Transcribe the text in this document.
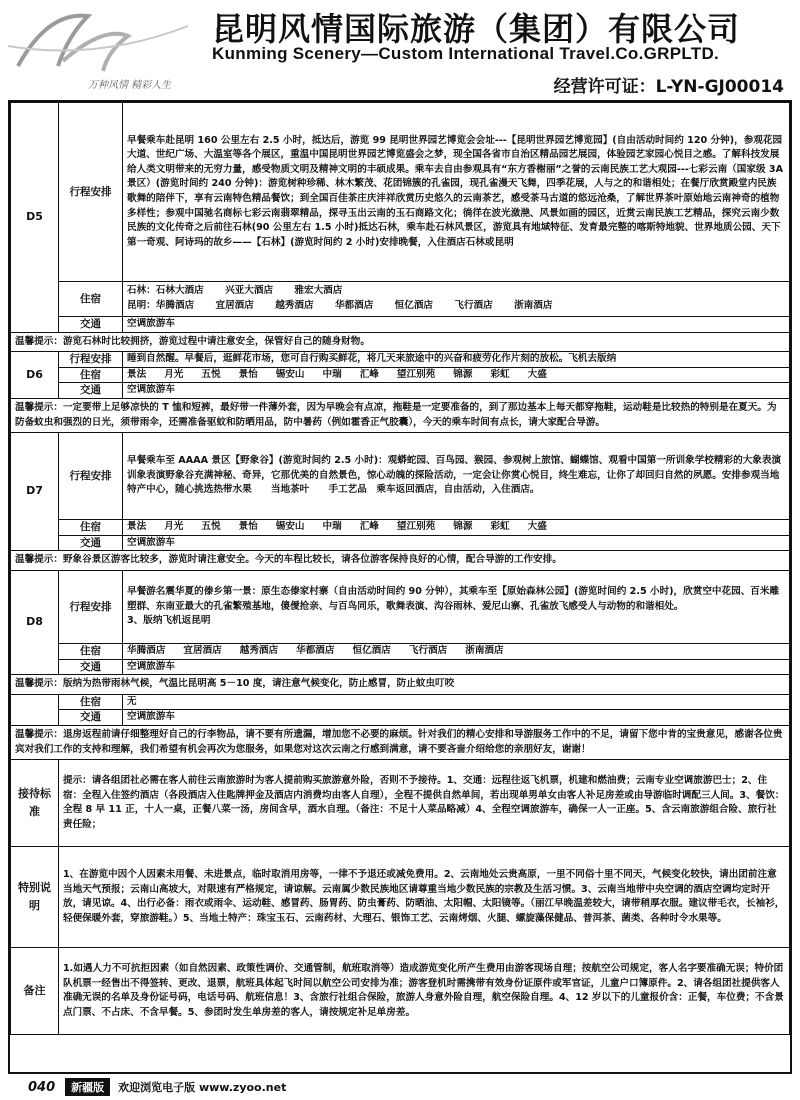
万种风情 精彩人生
昆明风情国际旅游（集团）有限公司
Kunming Scenery—Custom International Travel.Co.GRPLTD.
经营许可证：L-YN-GJ00014
D5	行程安排	早餐乘车赴昆明 160 公里左右 2.5 小时，抵达后，游览 99 昆明世界园艺博览会会址---【昆明世界园艺博览园】(自由活动时间约 120 分钟)，参观花园大道、世纪广场、大温室等各个展区，重温中国昆明世界园艺博览盛会之梦，现全国各省市自治区精品园艺展园，体验园艺家园心悦目之感。了解科技发展给人类文明带来的无穷力量，感受物质文明及精神文明的丰硕成果。乘车去自由参观具有“东方香榭丽”之誉的云南民族工艺大观园---七彩云南（国家级 3A 景区）(游览时间约 240 分钟)：游览树种珍稀、林木繁茂、花团锦簇的孔雀园，现孔雀漫天飞舞，四季花展，人与之的和谐相处；在餐厅欣赏殿堂内民族歌舞的陪伴下，享有云南特色精品餐饮；到全国百佳茶庄庆沣祥欣赏历史悠久的云南茶艺，感受茶马古道的悠远沧桑，了解世界茶叶原始地云南神奇的植物多样性；参观中国驰名商标七彩云南翡翠精品，探寻玉出云南的玉石商路文化；徜徉在波光潋滟、风景如画的园区，近赏云南民族工艺精品，探究云南少数民族的文化传奇之后前往石林(90 公里左右 1.5 小时)抵达石林，乘车赴石林风景区，游览具有地域特征、发育最完整的喀斯特地貌、世界地质公园、天下第一奇观、阿诗玛的故乡——【石林】(游览时间约 2 小时)安排晚餐，入住酒店石林或昆明
	住宿	石林：石林大酒店 兴亚大酒店 雅宏大酒店
昆明：华腾酒店 宜居酒店 越秀酒店 华都酒店 恒亿酒店 飞行酒店 浙南酒店

	交通	空调旅游车
温馨提示：游览石林时比较拥挤，游览过程中请注意安全，保管好自己的随身财物。		
D6	行程安排	睡到自然醒。早餐后，逛鲜花市场，您可自行购买鲜花，将几天来旅途中的兴奋和疲劳化作片刻的放松。飞机去版纳
	住宿	景法 月光 五悦 景怡 锡安山 中瑞 汇峰 望江别苑 锦源 彩虹 大盛
	交通	空调旅游车
温馨提示：一定要带上足够凉快的 T 恤和短裤，最好带一件薄外套，因为早晚会有点凉，拖鞋是一定要准备的，到了那边基本上每天都穿拖鞋，运动鞋是比较热的特别是在夏天。为防备蚊虫和强烈的日光，须带雨伞，还需准备驱蚊和防晒用品，防中暑药（例如霍香正气胶囊），今天的乘车时间有点长，请大家配合导游。		
D7	行程安排	早餐乘车至 AAAA 景区【野象谷】(游览时间约 2.5 小时)：观蟒蛇园、百鸟园、猴园、参观树上旅馆、蝴蝶馆、观看中国第一所训象学校精彩的大象表演训象表演野象谷充满神秘、奇异，它那优美的自然景色，惊心动魄的探险活动，一定会让你赏心悦目，终生难忘，让你了却回归自然的夙愿。安排参观当地特产中心，随心挑选热带水果　　当地茶叶　　手工艺品　乘车返回酒店，自由活动，入住酒店。
	住宿	景法 月光 五悦 景怡 锡安山 中瑞 汇峰 望江别苑 锦源 彩虹 大盛
	交通	空调旅游车
温馨提示：野象谷景区游客比较多，游览时请注意安全。今天的车程比较长，请各位游客保持良好的心情，配合导游的工作安排。		
D8	行程安排	早餐游名震华夏的傣乡第一景：原生态傣家村寨（自由活动时间约 90 分钟），其乘车至【原始森林公园】(游览时间约 2.5 小时)，欣赏空中花园、百米雕塑群、东南亚最大的孔雀繁殖基地，傻僾抢亲、与百鸟同乐，歌舞表演、沟谷雨林、爱尼山寨、孔雀放飞感受人与动物的和谐相处。
3、版纳飞机返昆明

	住宿	华腾酒店 宜居酒店 越秀酒店 华都酒店 恒亿酒店 飞行酒店 浙南酒店
	交通	空调旅游车
温馨提示：版纳为热带雨林气候，气温比昆明高 5－10 度，请注意气候变化，防止感冒，防止蚊虫叮咬		
	住宿	无
	交通	空调旅游车
温馨提示：退房返程前请仔细整理好自己的行李物品，请不要有所遗漏，增加您不必要的麻烦。针对我们的精心安排和导游服务工作中的不足，请留下您中肯的宝贵意见，感谢各位贵宾对我们工作的支持和理解，我们希望有机会再次为您服务，如果您对这次云南之行感到满意，请不要吝啬介绍给您的亲朋好友，谢谢！		
接待标准	提示：请各组团社必需在客人前往云南旅游时为客人提前购买旅游意外险，否则不予接待。1、交通：远程往返飞机票，机建和燃油费；云南专业空调旅游巴士；2、住宿：全程入住签约酒店（各段酒店入住匙牌押金及酒店内消费均由客人自理），全程不提供自然单间，若出现单男单女由客人补足房差或由导游临时调配三人间。3、餐饮：全程 8 早 11 正，十人一桌，正餐八菜一汤，房间含早，酒水自理。（备注：不足十人菜品略减）4、全程空调旅游车，确保一人一正座。5、含云南旅游组合险、旅行社责任险；	
特别说明	1、在游览中因个人因素未用餐、未进景点，临时取消用房等，一律不予退还或减免费用。2、云南地处云贵高原，一里不同俗十里不同天，气候变化较快，请出团前注意当地天气预报；云南山高坡大，对限速有严格规定，请谅解。云南属少数民族地区请尊重当地少数民族的宗教及生活习惯。3、云南当地带中央空调的酒店空调均定时开放，请见谅。4、出行必备：雨衣或雨伞、运动鞋、感冒药、肠胃药、防虫膏药、防晒油、太阳帽、太阳镜等。（丽江早晚温差较大，请带稍厚衣服。建议带毛衣，长袖衫，轻便保暖外套，穿旅游鞋。）5、当地土特产：珠宝玉石、云南药材、大理石、银饰工艺、云南烤烟、火腿、螺旋藻保健品、普洱茶、菌类、各种时令水果等。	
备注	1.如遇人力不可抗拒因素（如自然因素、政策性调价、交通管制，航班取消等）造成游览变化所产生费用由游客现场自理；按航空公司规定，客人名字要准确无误；特价团队机票一经售出不得签转、更改、退票，航班具体起飞时间以航空公司安排为准；游客登机时需携带有效身份证原件或军官证，儿童户口簿原件。2、请各组团社提供客人准确无误的名单及身份证号码，电话号码、航班信息！3、含旅行社组合保险，旅游人身意外险自理，航空保险自理。4、12 岁以下的儿童报价含：正餐，车位费；不含景点门票、不占床、不含早餐。5、参团时发生单房差的客人，请按规定补足单房差。	
040	新疆版	欢迎浏览电子版 www.zyoo.net
